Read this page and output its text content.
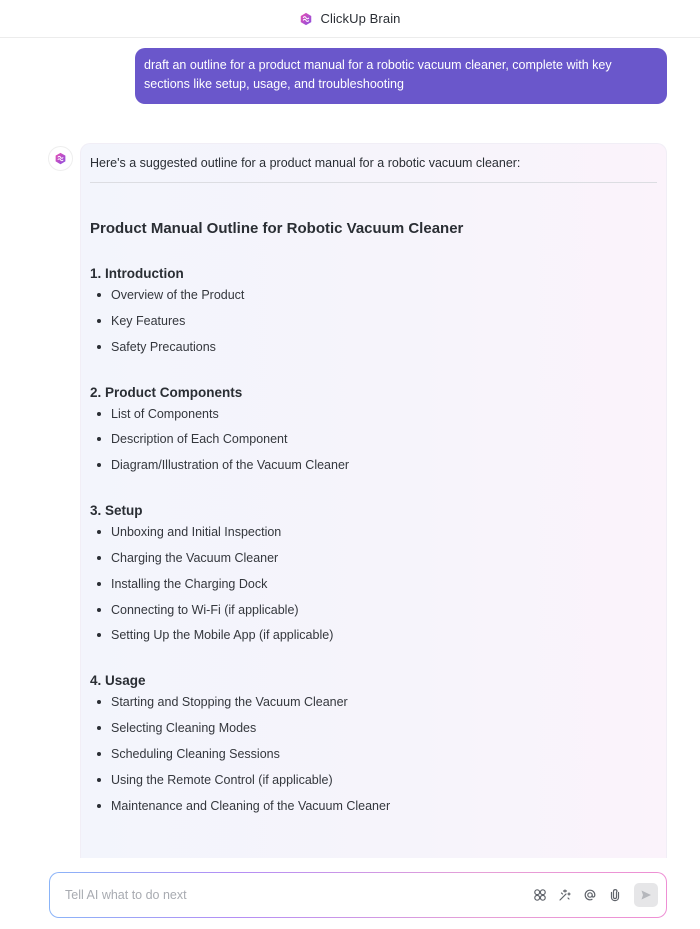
ClickUp Brain
draft an outline for a product manual for a robotic vacuum cleaner, complete with key sections like setup, usage, and troubleshooting
Here's a suggested outline for a product manual for a robotic vacuum cleaner:
Product Manual Outline for Robotic Vacuum Cleaner
1. Introduction
Overview of the Product
Key Features
Safety Precautions
2. Product Components
List of Components
Description of Each Component
Diagram/Illustration of the Vacuum Cleaner
3. Setup
Unboxing and Initial Inspection
Charging the Vacuum Cleaner
Installing the Charging Dock
Connecting to Wi-Fi (if applicable)
Setting Up the Mobile App (if applicable)
4. Usage
Starting and Stopping the Vacuum Cleaner
Selecting Cleaning Modes
Scheduling Cleaning Sessions
Using the Remote Control (if applicable)
Maintenance and Cleaning of the Vacuum Cleaner
Tell AI what to do next
